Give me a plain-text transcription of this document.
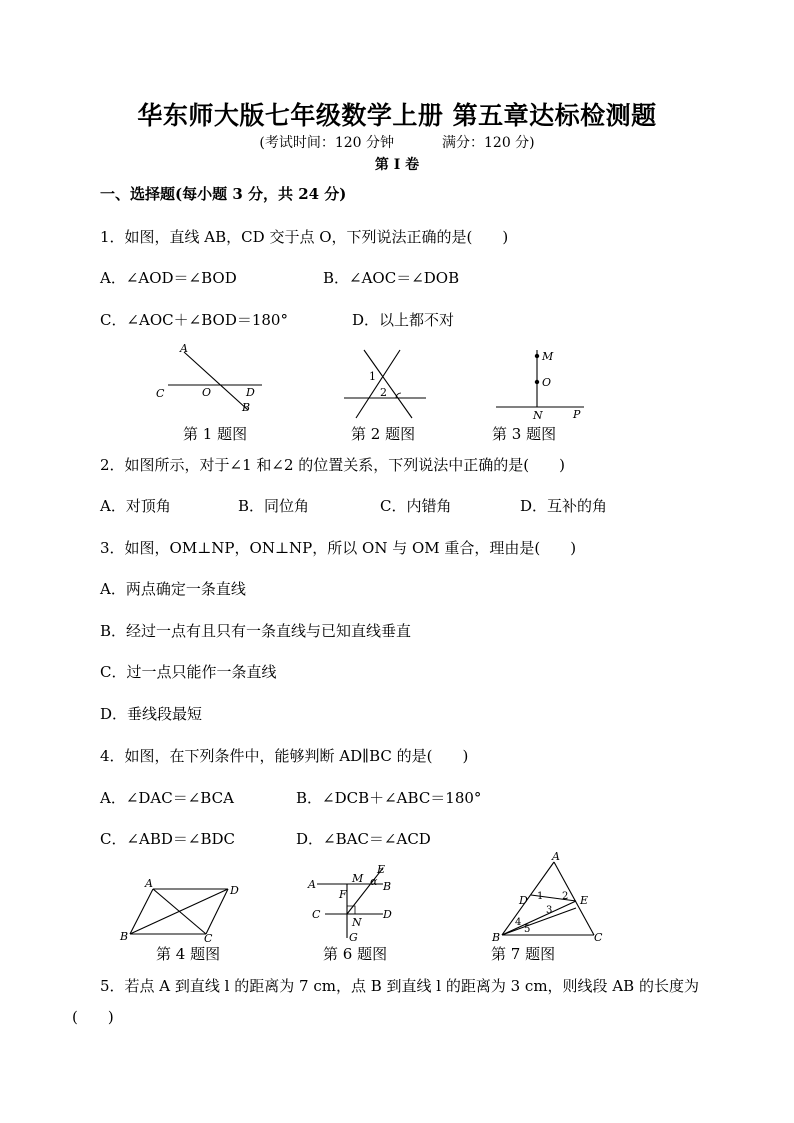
华东师大版七年级数学上册 第五章达标检测题
(考试时间：120 分钟	满分：120 分)
第 I 卷
一、选择题(每小题 3 分，共 24 分)
1．如图，直线 AB，CD 交于点 O，下列说法正确的是(　　)
A．∠AOD＝∠BOD	B．∠AOC＝∠DOB
C．∠AOC＋∠BOD＝180°	D．以上都不对
A
C	O	D
B
第 1 题图
1
2
第 2 题图
M
O
N	P
第 3 题图
2．如图所示，对于∠1 和∠2 的位置关系，下列说法中正确的是(　　)
A．对顶角	B．同位角	C．内错角	D．互补的角
3．如图，OM⊥NP，ON⊥NP，所以 ON 与 OM 重合，理由是(　　)
A．两点确定一条直线
B．经过一点有且只有一条直线与已知直线垂直
C．过一点只能作一条直线
D．垂线段最短
4．如图，在下列条件中，能够判断 AD∥BC 的是(　　)
A．∠DAC＝∠BCA	B．∠DCB＋∠ABC＝180°
C．∠ABD＝∠BDC	D．∠BAC＝∠ACD
A
D
B	C
第 4 题图
M
E
α
A	B
F
C
N
D
G
第 6 题图
A
D	E
1 2
3
4
5
B	C
第 7 题图
5．若点 A 到直线 l 的距离为 7 cm，点 B 到直线 l 的距离为 3 cm，则线段 AB 的长度为
(　　)
